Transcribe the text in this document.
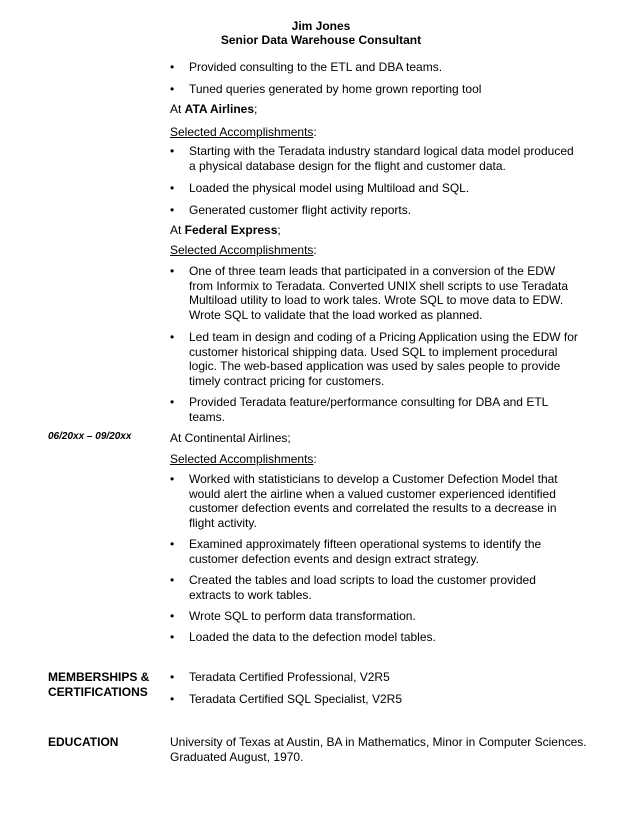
Jim Jones
Senior Data Warehouse Consultant
•	Provided consulting to the ETL and DBA teams.
•	Tuned queries generated by home grown reporting tool
At ATA Airlines;
Selected Accomplishments:
•	Starting with the Teradata industry standard logical data model produced a physical database design for the flight and customer data.
•	Loaded the physical model using Multiload and SQL.
•	Generated customer flight activity reports.
At Federal Express;
Selected Accomplishments:
•	One of three team leads that participated in a conversion of the EDW from Informix to Teradata. Converted UNIX shell scripts to use Teradata Multiload utility to load to work tales. Wrote SQL to move data to EDW. Wrote SQL to validate that the load worked as planned.
•	Led team in design and coding of a Pricing Application using the EDW for customer historical shipping data. Used SQL to implement procedural logic. The web-based application was used by sales people to provide timely contract pricing for customers.
•	Provided Teradata feature/performance consulting for DBA and ETL teams.
06/20xx – 09/20xx	At Continental Airlines;
Selected Accomplishments:
•	Worked with statisticians to develop a Customer Defection Model that would alert the airline when a valued customer experienced identified customer defection events and correlated the results to a decrease in flight activity.
•	Examined approximately fifteen operational systems to identify the customer defection events and design extract strategy.
•	Created the tables and load scripts to load the customer provided extracts to work tables.
•	Wrote SQL to perform data transformation.
•	Loaded the data to the defection model tables.
MEMBERSHIPS &
CERTIFICATIONS
•	Teradata Certified Professional, V2R5
•	Teradata Certified SQL Specialist, V2R5
EDUCATION	University of Texas at Austin, BA in Mathematics, Minor in Computer Sciences.
Graduated August, 1970.
